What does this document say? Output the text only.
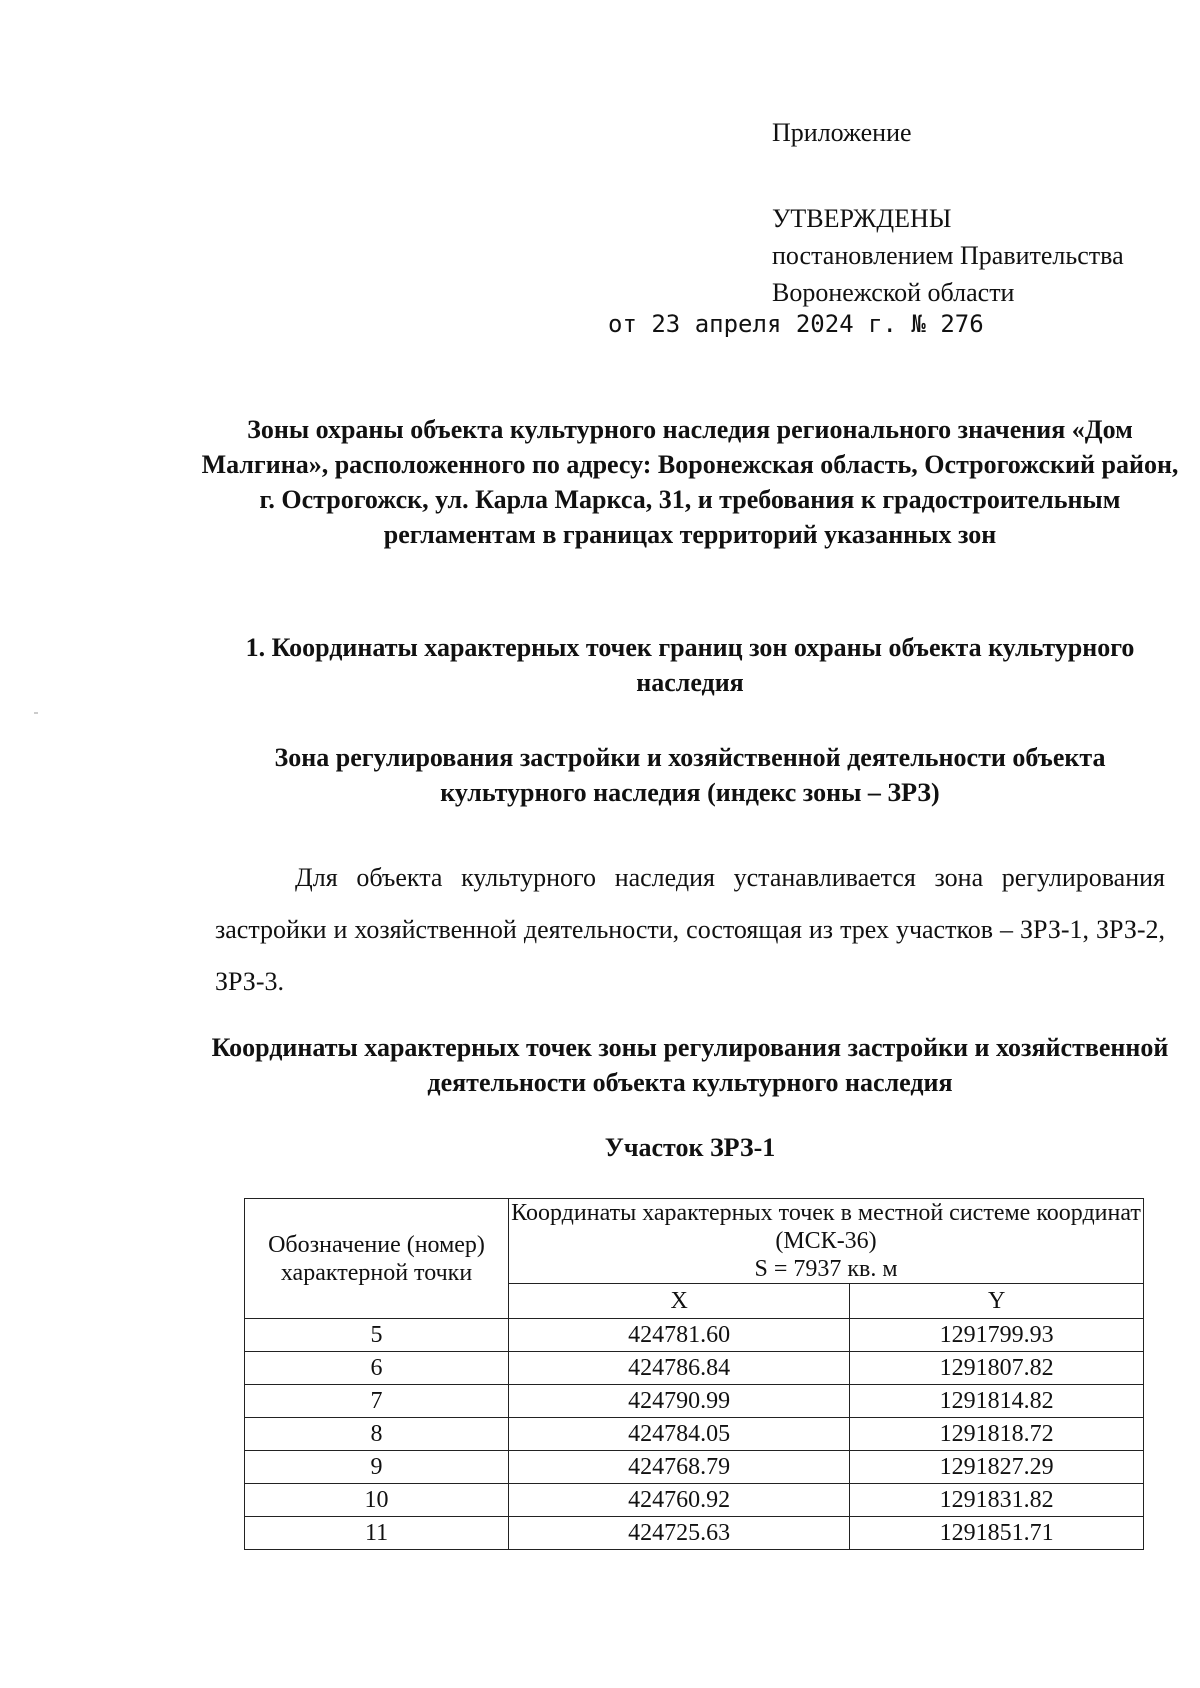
Приложение
УТВЕРЖДЕНЫ
постановлением Правительства
Воронежской области
от 23 апреля 2024 г. № 276
Зоны охраны объекта культурного наследия регионального значения «Дом Малгина», расположенного по адресу: Воронежская область, Острогожский район, г. Острогожск, ул. Карла Маркса, 31, и требования к градостроительным регламентам в границах территорий указанных зон
1. Координаты характерных точек границ зон охраны объекта культурного наследия
Зона регулирования застройки и хозяйственной деятельности объекта культурного наследия (индекс зоны – ЗРЗ)
Для объекта культурного наследия устанавливается зона регулирования застройки и хозяйственной деятельности, состоящая из трех участков – ЗРЗ-1, ЗРЗ-2, ЗРЗ-3.
Координаты характерных точек зоны регулирования застройки и хозяйственной деятельности объекта культурного наследия
Участок ЗРЗ-1
Обозначение (номер) характерной точки	Координаты характерных точек в местной системе координат (МСК-36)
S = 7937 кв. м	

	X	Y
5	424781.60	1291799.93
6	424786.84	1291807.82
7	424790.99	1291814.82
8	424784.05	1291818.72
9	424768.79	1291827.29
10	424760.92	1291831.82
11	424725.63	1291851.71
